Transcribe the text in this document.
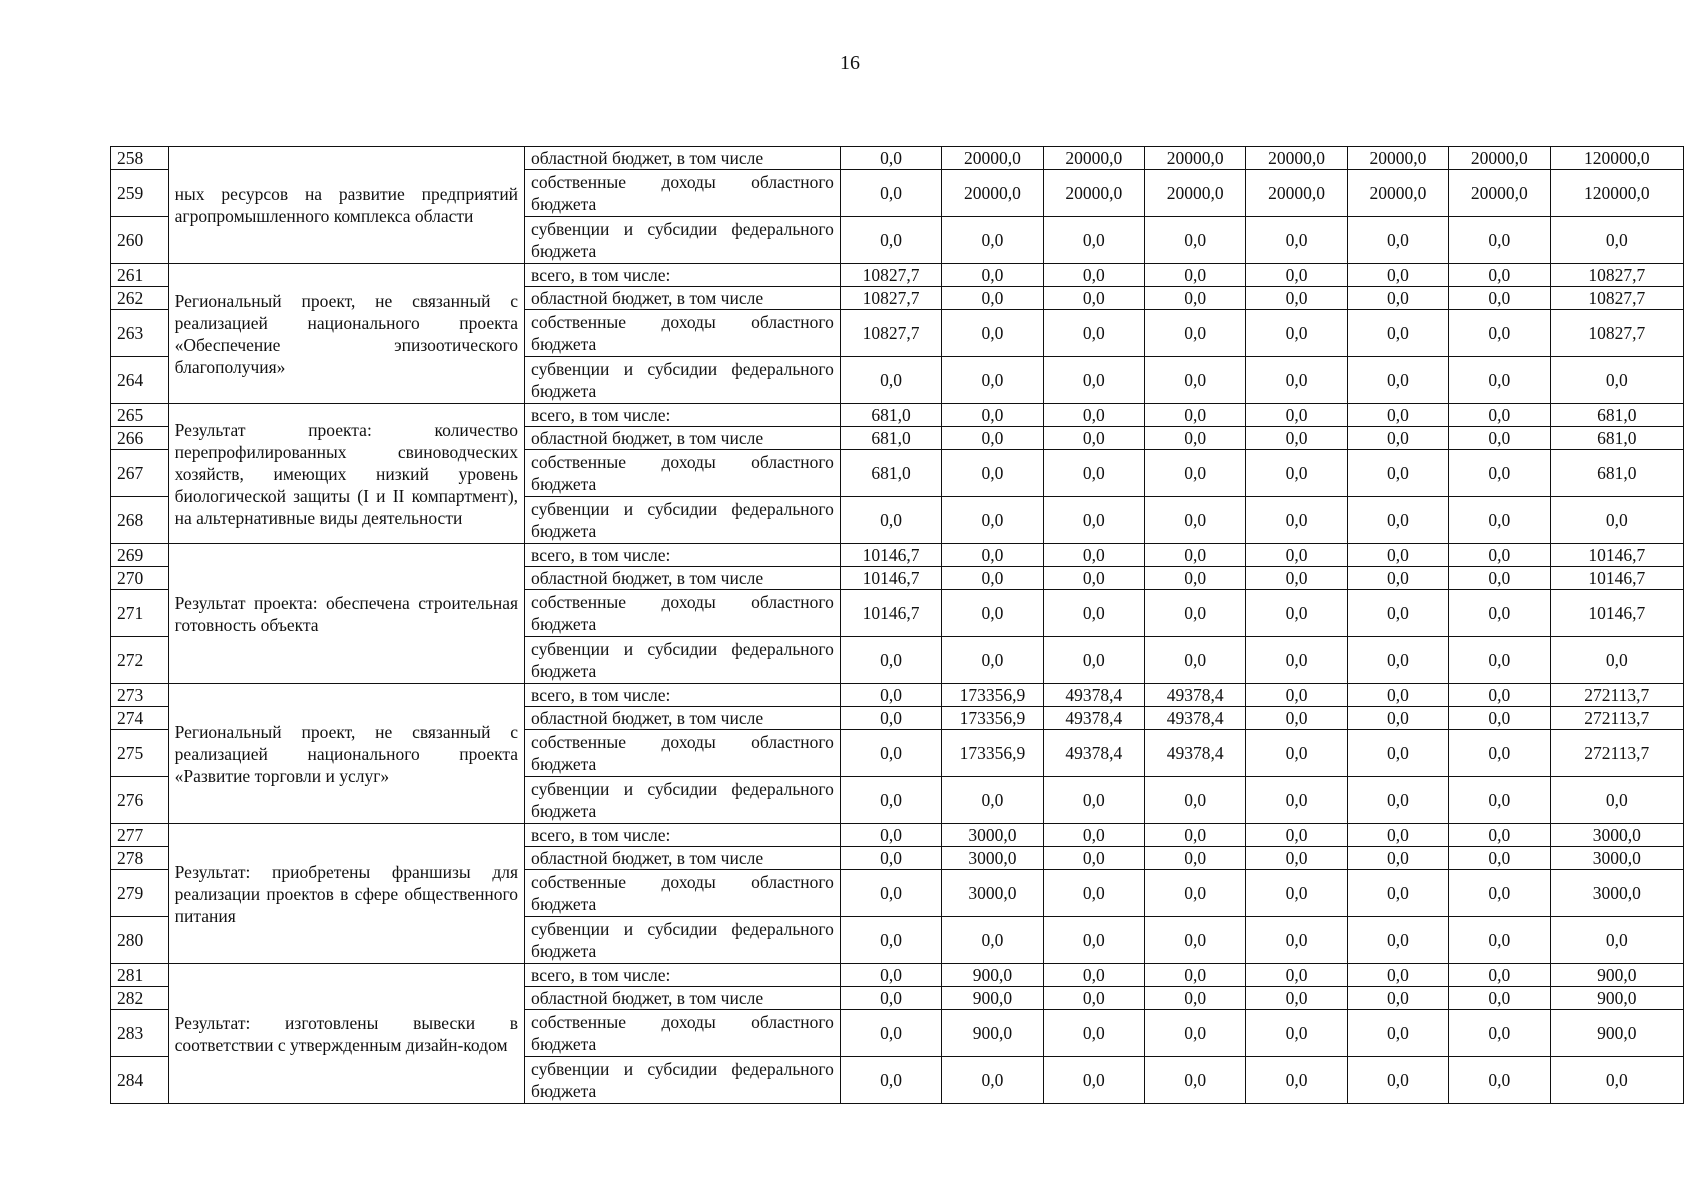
16
258	ных ресурсов на развитие предприятий агропромышленного комплекса области	областной бюджет, в том числе	0,0	20000,0	20000,0	20000,0	20000,0	20000,0	20000,0	120000,0
259		собственные доходы областного бюджета	0,0	20000,0	20000,0	20000,0	20000,0	20000,0	20000,0	120000,0
260		субвенции и субсидии федерального бюджета	0,0	0,0	0,0	0,0	0,0	0,0	0,0	0,0
261	Региональный проект, не связанный с реализацией национального проекта «Обеспечение эпизоотического благополучия»	всего, в том числе:	10827,7	0,0	0,0	0,0	0,0	0,0	0,0	10827,7
262		областной бюджет, в том числе	10827,7	0,0	0,0	0,0	0,0	0,0	0,0	10827,7
263		собственные доходы областного бюджета	10827,7	0,0	0,0	0,0	0,0	0,0	0,0	10827,7
264		субвенции и субсидии федерального бюджета	0,0	0,0	0,0	0,0	0,0	0,0	0,0	0,0
265	Результат проекта: количество перепрофилированных свиноводческих хозяйств, имеющих низкий уровень биологической защиты (I и II компартмент), на альтернативные виды деятельности	всего, в том числе:	681,0	0,0	0,0	0,0	0,0	0,0	0,0	681,0
266		областной бюджет, в том числе	681,0	0,0	0,0	0,0	0,0	0,0	0,0	681,0
267		собственные доходы областного бюджета	681,0	0,0	0,0	0,0	0,0	0,0	0,0	681,0
268		субвенции и субсидии федерального бюджета	0,0	0,0	0,0	0,0	0,0	0,0	0,0	0,0
269	Результат проекта: обеспечена строительная готовность объекта	всего, в том числе:	10146,7	0,0	0,0	0,0	0,0	0,0	0,0	10146,7
270		областной бюджет, в том числе	10146,7	0,0	0,0	0,0	0,0	0,0	0,0	10146,7
271		собственные доходы областного бюджета	10146,7	0,0	0,0	0,0	0,0	0,0	0,0	10146,7
272		субвенции и субсидии федерального бюджета	0,0	0,0	0,0	0,0	0,0	0,0	0,0	0,0
273	Региональный проект, не связанный с реализацией национального проекта «Развитие торговли и услуг»	всего, в том числе:	0,0	173356,9	49378,4	49378,4	0,0	0,0	0,0	272113,7
274		областной бюджет, в том числе	0,0	173356,9	49378,4	49378,4	0,0	0,0	0,0	272113,7
275		собственные доходы областного бюджета	0,0	173356,9	49378,4	49378,4	0,0	0,0	0,0	272113,7
276		субвенции и субсидии федерального бюджета	0,0	0,0	0,0	0,0	0,0	0,0	0,0	0,0
277	Результат: приобретены франшизы для реализации проектов в сфере общественного питания	всего, в том числе:	0,0	3000,0	0,0	0,0	0,0	0,0	0,0	3000,0
278		областной бюджет, в том числе	0,0	3000,0	0,0	0,0	0,0	0,0	0,0	3000,0
279		собственные доходы областного бюджета	0,0	3000,0	0,0	0,0	0,0	0,0	0,0	3000,0
280		субвенции и субсидии федерального бюджета	0,0	0,0	0,0	0,0	0,0	0,0	0,0	0,0
281	Результат: изготовлены вывески в соответствии с утвержденным дизайн-кодом	всего, в том числе:	0,0	900,0	0,0	0,0	0,0	0,0	0,0	900,0
282		областной бюджет, в том числе	0,0	900,0	0,0	0,0	0,0	0,0	0,0	900,0
283		собственные доходы областного бюджета	0,0	900,0	0,0	0,0	0,0	0,0	0,0	900,0
284		субвенции и субсидии федерального бюджета	0,0	0,0	0,0	0,0	0,0	0,0	0,0	0,0
